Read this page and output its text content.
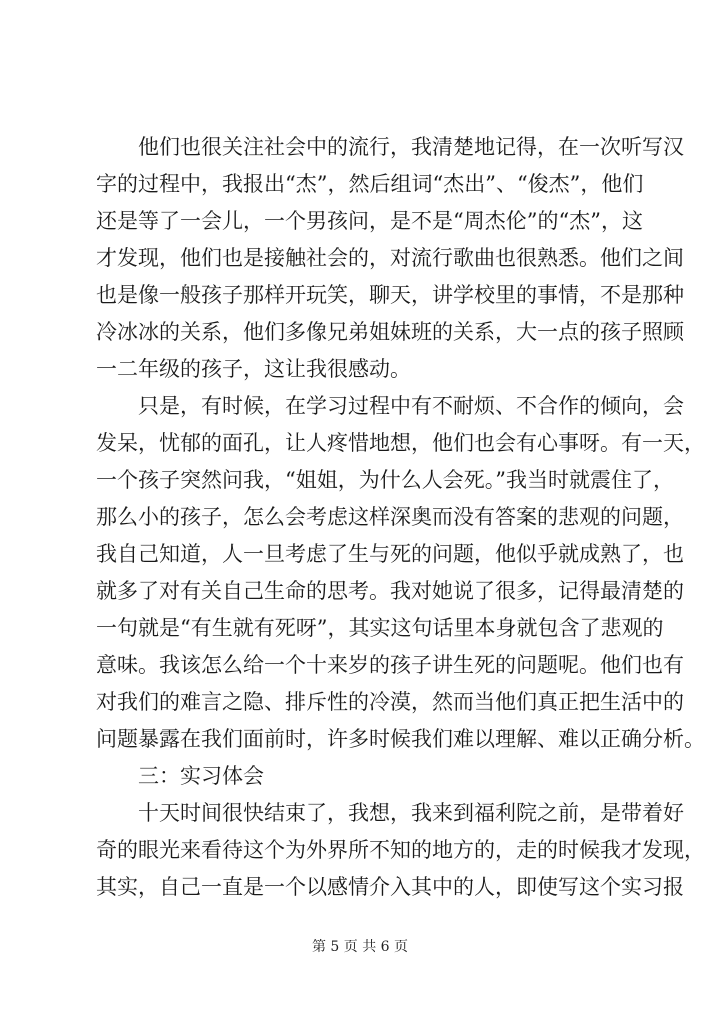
他们也很关注社会中的流行，我清楚地记得，在一次听写汉
字的过程中，我报出“杰”，然后组词“杰出”、“俊杰”，他们
还是等了一会儿，一个男孩问，是不是“周杰伦”的“杰”，这
才发现，他们也是接触社会的，对流行歌曲也很熟悉。他们之间
也是像一般孩子那样开玩笑，聊天，讲学校里的事情，不是那种
冷冰冰的关系，他们多像兄弟姐妹班的关系，大一点的孩子照顾
一二年级的孩子，这让我很感动。
只是，有时候，在学习过程中有不耐烦、不合作的倾向，会
发呆，忧郁的面孔，让人疼惜地想，他们也会有心事呀。有一天，
一个孩子突然问我，“姐姐，为什么人会死。”我当时就震住了，
那么小的孩子，怎么会考虑这样深奥而没有答案的悲观的问题，
我自己知道，人一旦考虑了生与死的问题，他似乎就成熟了，也
就多了对有关自己生命的思考。我对她说了很多，记得最清楚的
一句就是“有生就有死呀”，其实这句话里本身就包含了悲观的
意味。我该怎么给一个十来岁的孩子讲生死的问题呢。他们也有
对我们的难言之隐、排斥性的冷漠，然而当他们真正把生活中的
问题暴露在我们面前时，许多时候我们难以理解、难以正确分析。
三：实习体会
十天时间很快结束了，我想，我来到福利院之前，是带着好
奇的眼光来看待这个为外界所不知的地方的，走的时候我才发现，
其实，自己一直是一个以感情介入其中的人，即使写这个实习报
第 5 页 共 6 页
